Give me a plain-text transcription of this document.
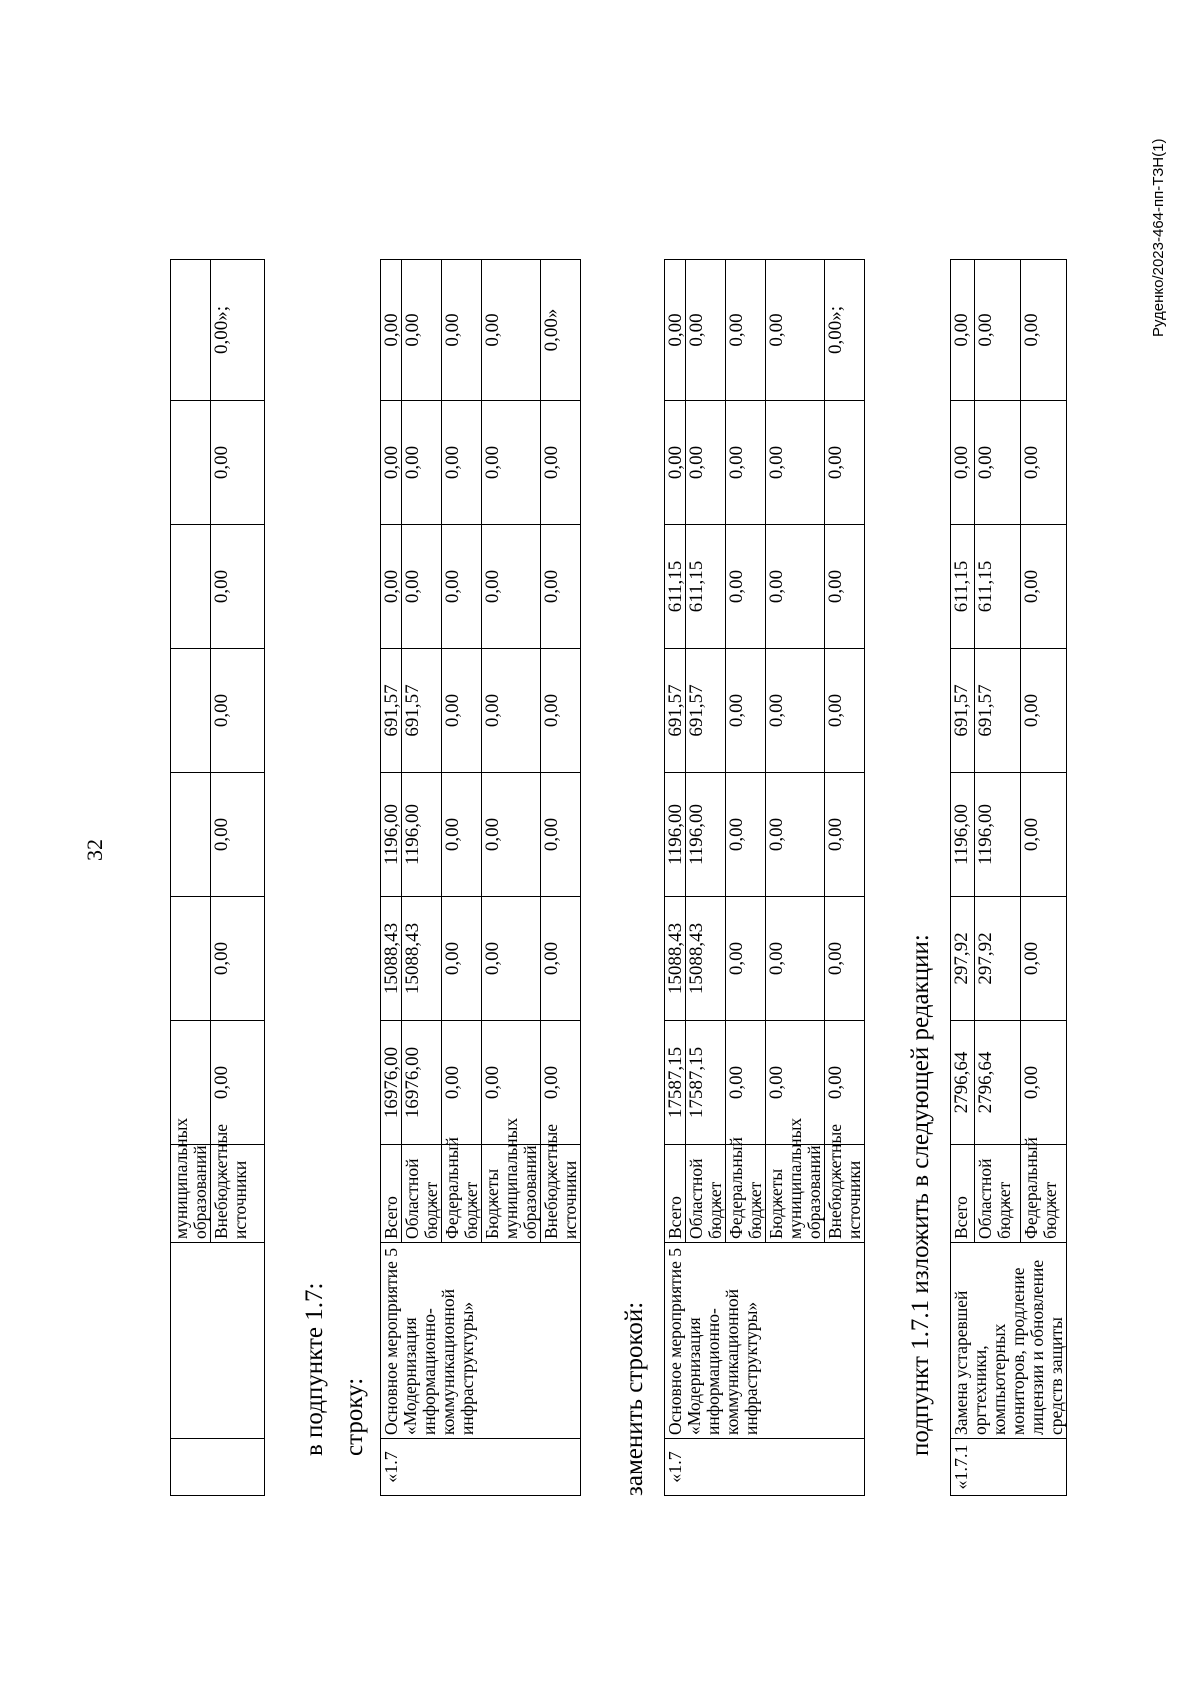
32
		муниципальных образований							
		Внебюджетные источники	0,00	0,00	0,00	0,00	0,00	0,00	0,00»;
в подпункте 1.7: строку:
«1.7	Основное мероприятие 5 «Модернизация информационно-коммуникационной инфраструктуры»	Всего	16976,00	15088,43	1196,00	691,57	0,00	0,00	0,00
		Областной бюджет	16976,00	15088,43	1196,00	691,57	0,00	0,00	0,00
		Федеральный бюджет	0,00	0,00	0,00	0,00	0,00	0,00	0,00
		Бюджеты муниципальных образований	0,00	0,00	0,00	0,00	0,00	0,00	0,00
		Внебюджетные источники	0,00	0,00	0,00	0,00	0,00	0,00	0,00»
заменить строкой: «1.7	Основное мероприятие 5 «Модернизация информационно-коммуникационной инфраструктуры»	Всего	17587,15	15088,43	1196,00	691,57	611,15	0,00	0,00
		Областной бюджет	17587,15	15088,43	1196,00	691,57	611,15	0,00	0,00
		Федеральный бюджет	0,00	0,00	0,00	0,00	0,00	0,00	0,00
		Бюджеты муниципальных образований	0,00	0,00	0,00	0,00	0,00	0,00	0,00
		Внебюджетные источники	0,00	0,00	0,00	0,00	0,00	0,00	0,00»;
подпункт 1.7.1 изложить в следующей редакции:
«1.7.1	Замена устаревшей оргтехники, компьютерных мониторов, продление лицензии и обновление средств защиты	Всего	2796,64	297,92	1196,00	691,57	611,15	0,00	0,00
		Областной бюджет	2796,64	297,92	1196,00	691,57	611,15	0,00	0,00
		Федеральный бюджет	0,00	0,00	0,00	0,00	0,00	0,00	0,00	Руденко/2023-464-пп-ТЗН(1)
